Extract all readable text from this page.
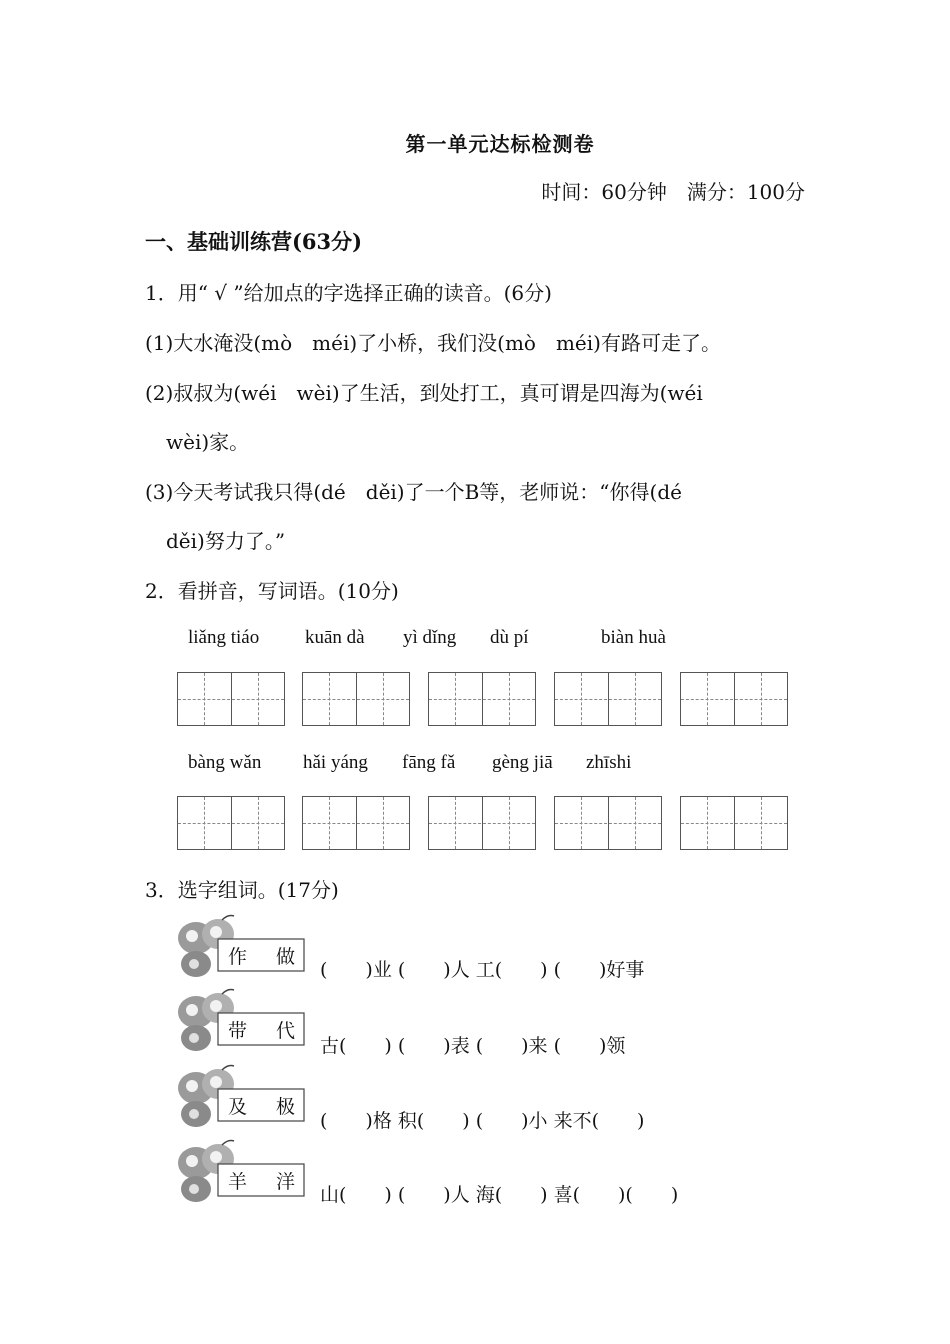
第一单元达标检测卷
时间：60分钟　满分：100分
一、基础训练营(63分)
1．用“ √ ”给加点的字选择正确的读音。(6分)
(1)大水淹没(mò　méi)了小桥，我们没(mò　méi)有路可走了。
(2)叔叔为(wéi　wèi)了生活，到处打工，真可谓是四海为(wéi
wèi)家。
(3)今天考试我只得(dé　děi)了一个B等，老师说：“你得(dé
děi)努力了。”
2．看拼音，写词语。(10分)
liǎng tiáo kuān dà yì dǐng dù pí	biàn huà
bàng wǎn hǎi yáng fāng fǎ gèng jiā zhīshi
3．选字组词。(17分)
作 做
(　　)业 (　　)人 工(　　) (　　)好事
带 代
古(　　) (　　)表 (　　)来 (　　)领
及 极
(　　)格 积(　　) (　　)小 来不(　　)
羊 洋
山(　　) (　　)人 海(　　) 喜(　　)(　　)
